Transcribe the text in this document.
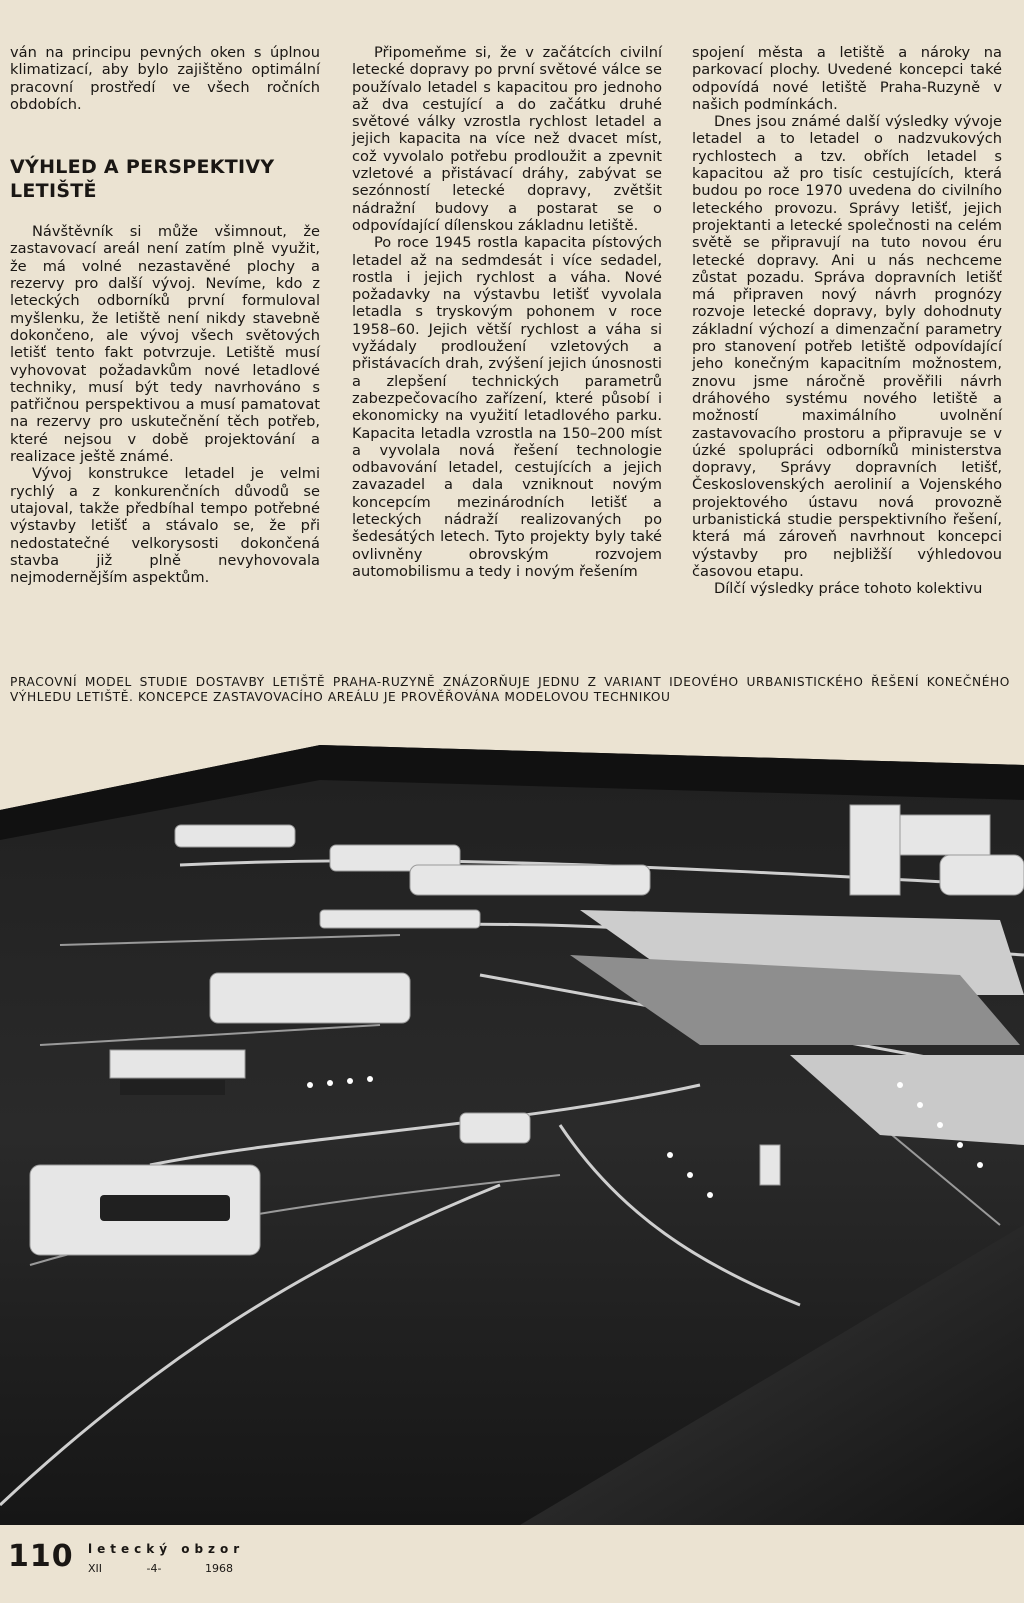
ván na principu pevných oken s úplnou klimatizací, aby bylo zajištěno optimální pracovní prostředí ve všech ročních obdobích.

VÝHLED A PERSPEKTIVY LETIŠTĚ

Návštěvník si může všimnout, že zastavovací areál není zatím plně využit, že má volné nezastavěné plochy a rezervy pro další vývoj. Nevíme, kdo z leteckých odborníků první formuloval myšlenku, že letiště není nikdy stavebně dokončeno, ale vývoj všech světových letišť tento fakt potvrzuje. Letiště musí vyhovovat požadavkům nové letadlové techniky, musí být tedy navrhováno s patřičnou perspektivou a musí pamatovat na rezervy pro uskutečnění těch potřeb, které nejsou v době projektování a realizace ještě známé.

Vývoj konstrukce letadel je velmi rychlý a z konkurenčních důvodů se utajoval, takže předbíhal tempo potřebné výstavby letišť a stávalo se, že při nedostatečné velkorysosti dokončená stavba již plně nevyhovovala nejmodernějším aspektům.

Připomeňme si, že v začátcích civilní letecké dopravy po první světové válce se používalo letadel s kapacitou pro jednoho až dva cestující a do začátku druhé světové války vzrostla rychlost letadel a jejich kapacita na více než dvacet míst, což vyvolalo potřebu prodloužit a zpevnit vzletové a přistávací dráhy, zabývat se sezónností letecké dopravy, zvětšit nádražní budovy a postarat se o odpovídající dílenskou základnu letiště.

Po roce 1945 rostla kapacita pístových letadel až na sedmdesát i více sedadel, rostla i jejich rychlost a váha. Nové požadavky na výstavbu letišť vyvolala letadla s tryskovým pohonem v roce 1958–60. Jejich větší rychlost a váha si vyžádaly prodloužení vzletových a přistávacích drah, zvýšení jejich únosnosti a zlepšení technických parametrů zabezpečovacího zařízení, které působí i ekonomicky na využití letadlového parku. Kapacita letadla vzrostla na 150–200 míst a vyvolala nová řešení technologie odbavování letadel, cestujících a jejich zavazadel a dala vzniknout novým koncepcím mezinárodních letišť a leteckých nádraží realizovaných po šedesátých letech. Tyto projekty byly také ovlivněny obrovským rozvojem automobilismu a tedy i novým řešením

spojení města a letiště a nároky na parkovací plochy. Uvedené koncepci také odpovídá nové letiště Praha-Ruzyně v našich podmínkách.

Dnes jsou známé další výsledky vývoje letadel a to letadel o nadzvukových rychlostech a tzv. obřích letadel s kapacitou až pro tisíc cestujících, která budou po roce 1970 uvedena do civilního leteckého provozu. Správy letišť, jejich projektanti a letecké společnosti na celém světě se připravují na tuto novou éru letecké dopravy. Ani u nás nechceme zůstat pozadu. Správa dopravních letišť má připraven nový návrh prognózy rozvoje letecké dopravy, byly dohodnuty základní výchozí a dimenzační parametry pro stanovení potřeb letiště odpovídající jeho konečným kapacitním možnostem, znovu jsme náročně prověřili návrh dráhového systému nového letiště a možností maximálního uvolnění zastavovacího prostoru a připravuje se v úzké spolupráci odborníků ministerstva dopravy, Správy dopravních letišť, Československých aerolinií a Vojenského projektového ústavu nová provozně urbanistická studie perspektivního řešení, která má zároveň navrhnout koncepci výstavby pro nejbližší výhledovou časovou etapu.

Dílčí výsledky práce tohoto kolektivu

PRACOVNÍ MODEL STUDIE DOSTAVBY LETIŠTĚ PRAHA-RUZYNĚ ZNÁZORŇUJE JEDNU Z VARIANT IDEOVÉHO URBANISTICKÉHO ŘEŠENÍ KONEČNÉHO VÝHLEDU LETIŠTĚ. KONCEPCE ZASTAVOVACÍHO AREÁLU JE PROVĚŘOVÁNA MODELOVOU TECHNIKOU
110 letecký obzor
XII	-4-	1968
